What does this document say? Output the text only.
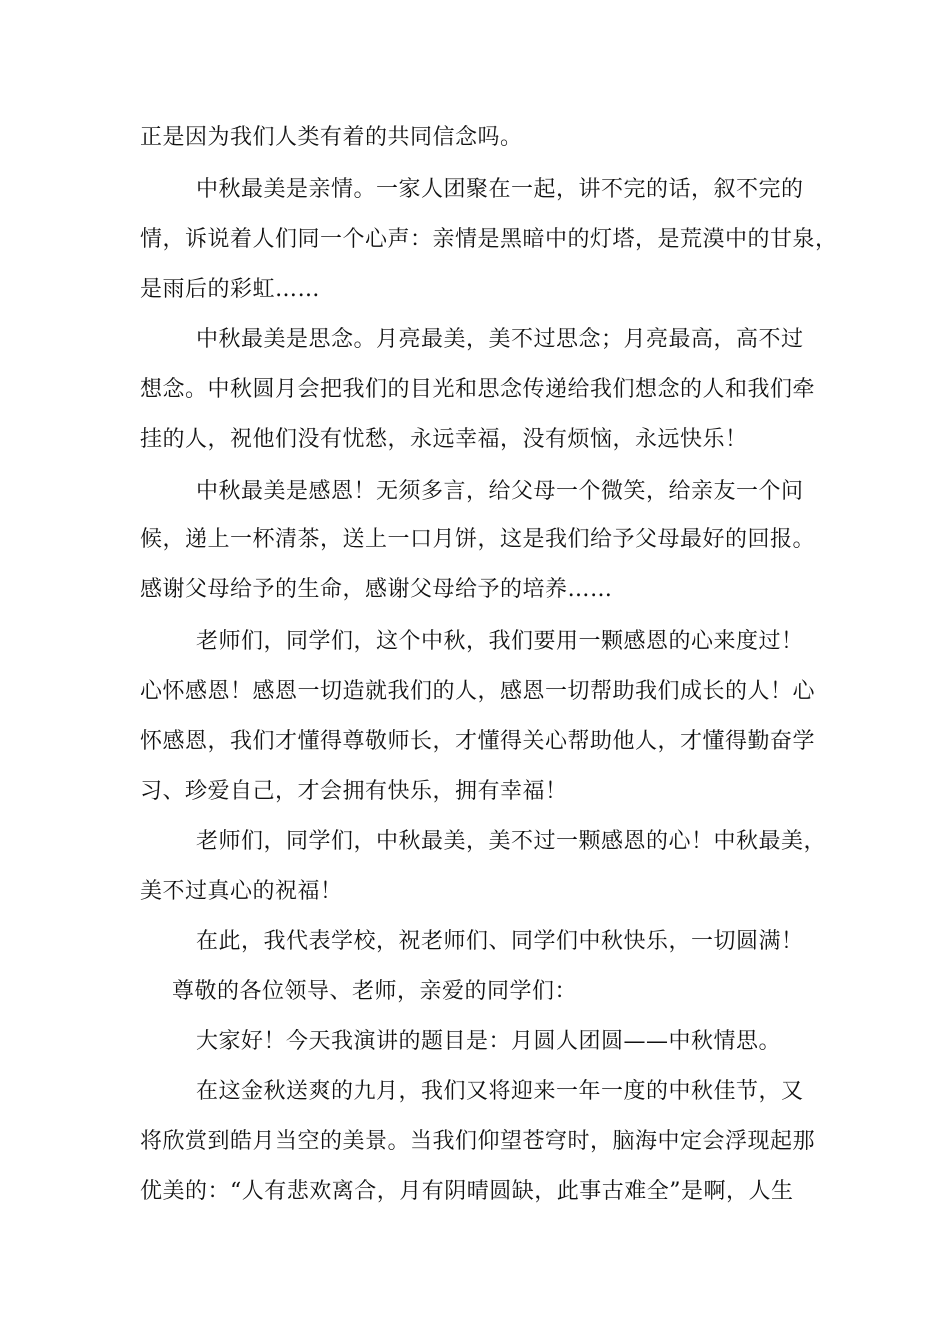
正是因为我们人类有着的共同信念吗。
中秋最美是亲情。一家人团聚在一起，讲不完的话，叙不完的
情，诉说着人们同一个心声：亲情是黑暗中的灯塔，是荒漠中的甘泉，
是雨后的彩虹……
中秋最美是思念。月亮最美，美不过思念；月亮最高，高不过
想念。中秋圆月会把我们的目光和思念传递给我们想念的人和我们牵
挂的人，祝他们没有忧愁，永远幸福，没有烦恼，永远快乐！
中秋最美是感恩！无须多言，给父母一个微笑，给亲友一个问
候，递上一杯清茶，送上一口月饼，这是我们给予父母最好的回报。
感谢父母给予的生命，感谢父母给予的培养……
老师们，同学们，这个中秋，我们要用一颗感恩的心来度过！
心怀感恩！感恩一切造就我们的人，感恩一切帮助我们成长的人！心
怀感恩，我们才懂得尊敬师长，才懂得关心帮助他人，才懂得勤奋学
习、珍爱自己，才会拥有快乐，拥有幸福！
老师们，同学们，中秋最美，美不过一颗感恩的心！中秋最美，
美不过真心的祝福！
在此，我代表学校，祝老师们、同学们中秋快乐，一切圆满！
尊敬的各位领导、老师，亲爱的同学们：
大家好！今天我演讲的题目是：月圆人团圆——中秋情思。
在这金秋送爽的九月，我们又将迎来一年一度的中秋佳节，又
将欣赏到皓月当空的美景。当我们仰望苍穹时，脑海中定会浮现起那
优美的：“人有悲欢离合，月有阴晴圆缺，此事古难全”是啊，人生
